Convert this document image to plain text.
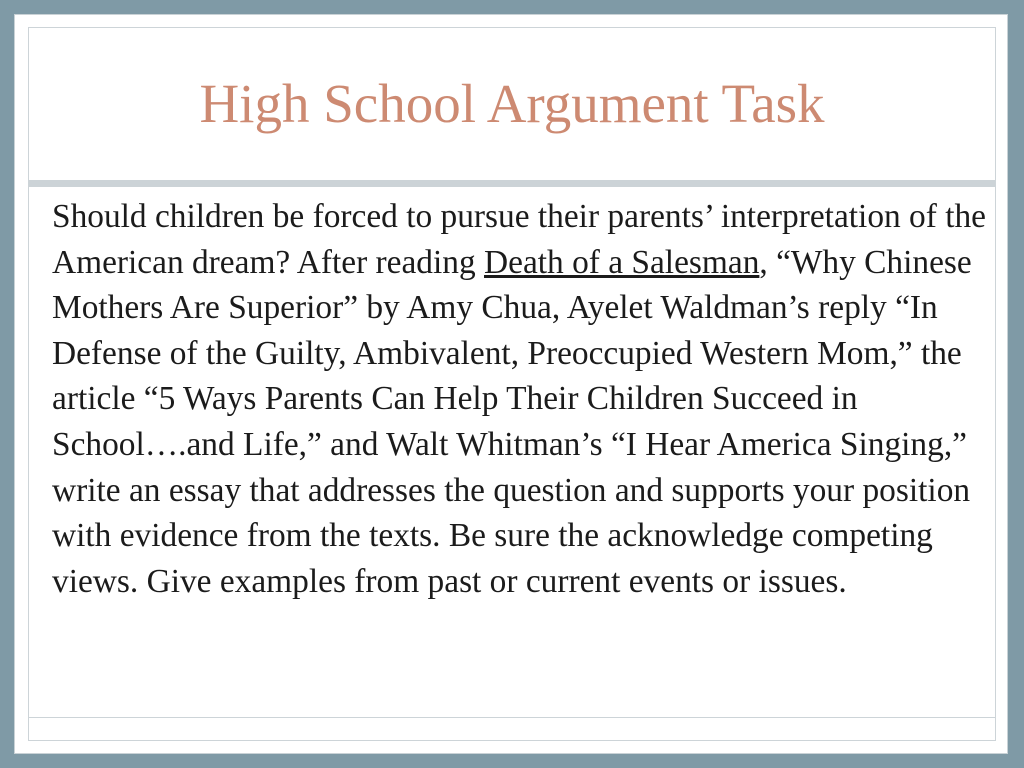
High School Argument Task

Should children be forced to pursue their parents’ interpretation of the American dream? After reading Death of a Salesman, “Why Chinese Mothers Are Superior” by Amy Chua, Ayelet Waldman’s reply “In Defense of the Guilty, Ambivalent, Preoccupied Western Mom,” the article “5 Ways Parents Can Help Their Children Succeed in School….and Life,” and Walt Whitman’s “I Hear America Singing,” write an essay that addresses the question and supports your position with evidence from the texts. Be sure the acknowledge competing views. Give examples from past or current events or issues.
